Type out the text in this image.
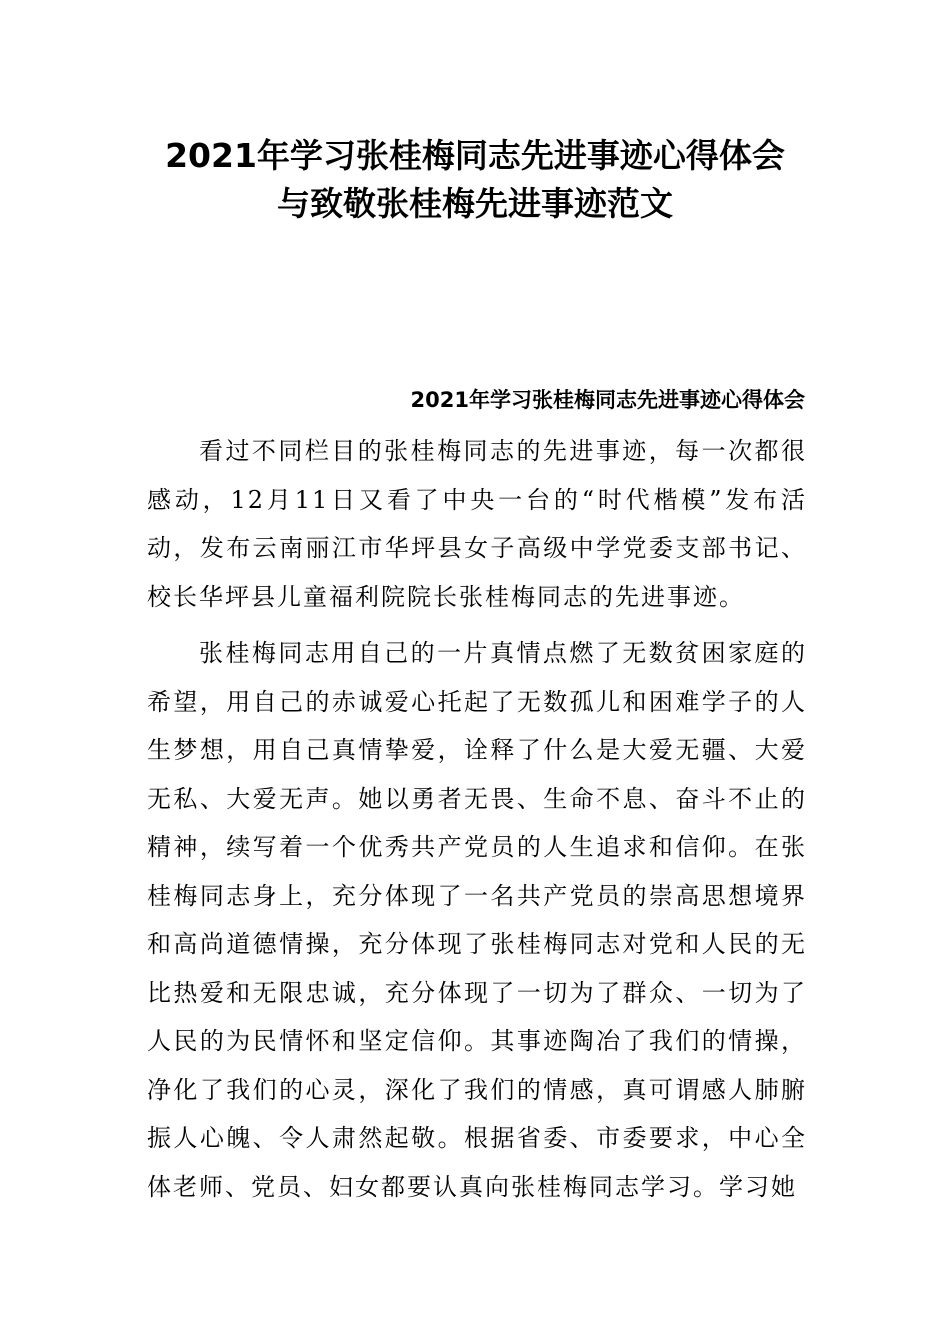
2021年学习张桂梅同志先进事迹心得体会
与致敬张桂梅先进事迹范文
2021年学习张桂梅同志先进事迹心得体会

看过不同栏目的张桂梅同志的先进事迹，每一次都很感动，12月11日又看了中央一台的“时代楷模”发布活动，发布云南丽江市华坪县女子高级中学党委支部书记、校长华坪县儿童福利院院长张桂梅同志的先进事迹。

张桂梅同志用自己的一片真情点燃了无数贫困家庭的希望，用自己的赤诚爱心托起了无数孤儿和困难学子的人生梦想，用自己真情挚爱，诠释了什么是大爱无疆、大爱无私、大爱无声。她以勇者无畏、生命不息、奋斗不止的精神，续写着一个优秀共产党员的人生追求和信仰。在张桂梅同志身上，充分体现了一名共产党员的崇高思想境界和高尚道德情操，充分体现了张桂梅同志对党和人民的无比热爱和无限忠诚，充分体现了一切为了群众、一切为了人民的为民情怀和坚定信仰。其事迹陶冶了我们的情操，净化了我们的心灵，深化了我们的情感，真可谓感人肺腑振人心魄、令人肃然起敬。根据省委、市委要求，中心全体老师、党员、妇女都要认真向张桂梅同志学习。学习她
